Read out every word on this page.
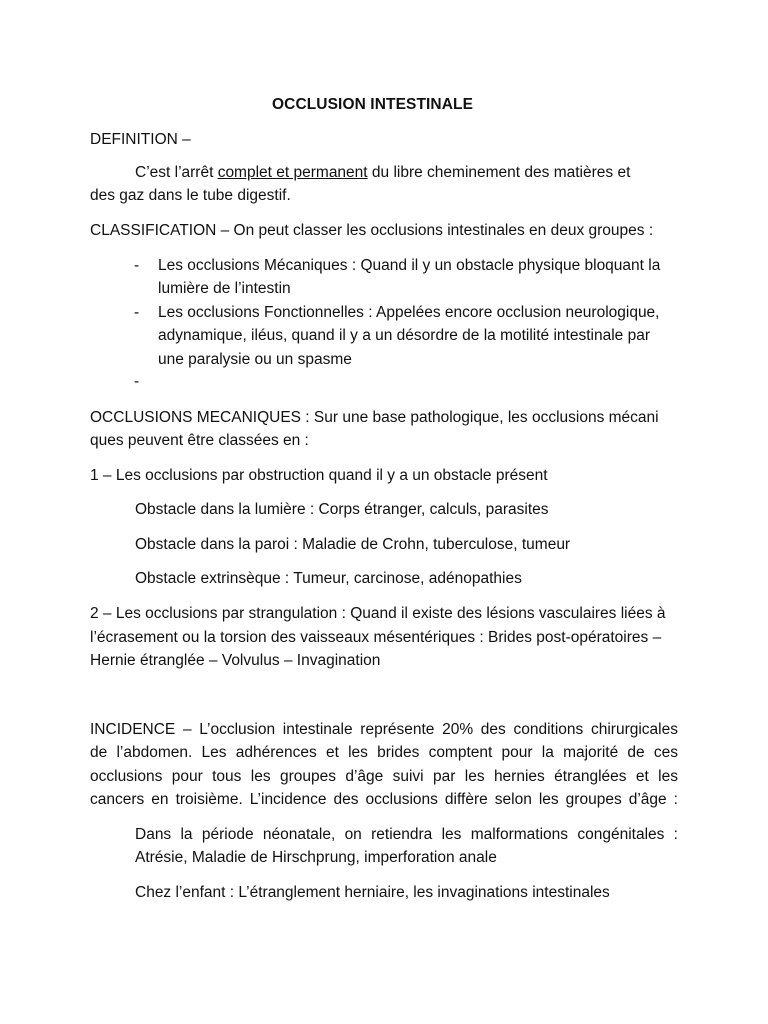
OCCLUSION INTESTINALE
DEFINITION –
C’est l’arrêt complet et permanent du libre cheminement des matières et
des gaz dans le tube digestif.
CLASSIFICATION – On peut classer les occlusions intestinales en deux groupes :
- Les occlusions Mécaniques : Quand il y un obstacle physique bloquant la
lumière de l’intestin
- Les occlusions Fonctionnelles : Appelées encore occlusion neurologique,
adynamique, iléus, quand il y a un désordre de la motilité intestinale par
une paralysie ou un spasme
-
OCCLUSIONS MECANIQUES : Sur une base pathologique, les occlusions mécani
ques peuvent être classées en :
1 – Les occlusions par obstruction quand il y a un obstacle présent
Obstacle dans la lumière : Corps étranger, calculs, parasites
Obstacle dans la paroi : Maladie de Crohn, tuberculose, tumeur
Obstacle extrinsèque : Tumeur, carcinose, adénopathies
2 – Les occlusions par strangulation : Quand il existe des lésions vasculaires liées à
l’écrasement ou la torsion des vaisseaux mésentériques : Brides post-opératoires –
Hernie étranglée – Volvulus – Invagination
INCIDENCE – L’occlusion intestinale représente 20% des conditions chirurgicales
de l’abdomen. Les adhérences et les brides comptent pour la majorité de ces
occlusions pour tous les groupes d’âge suivi par les hernies étranglées et les
cancers en troisième. L’incidence des occlusions diffère selon les groupes d’âge :
Dans la période néonatale, on retiendra les malformations congénitales :
Atrésie, Maladie de Hirschprung, imperforation anale
Chez l’enfant : L’étranglement herniaire, les invaginations intestinales
